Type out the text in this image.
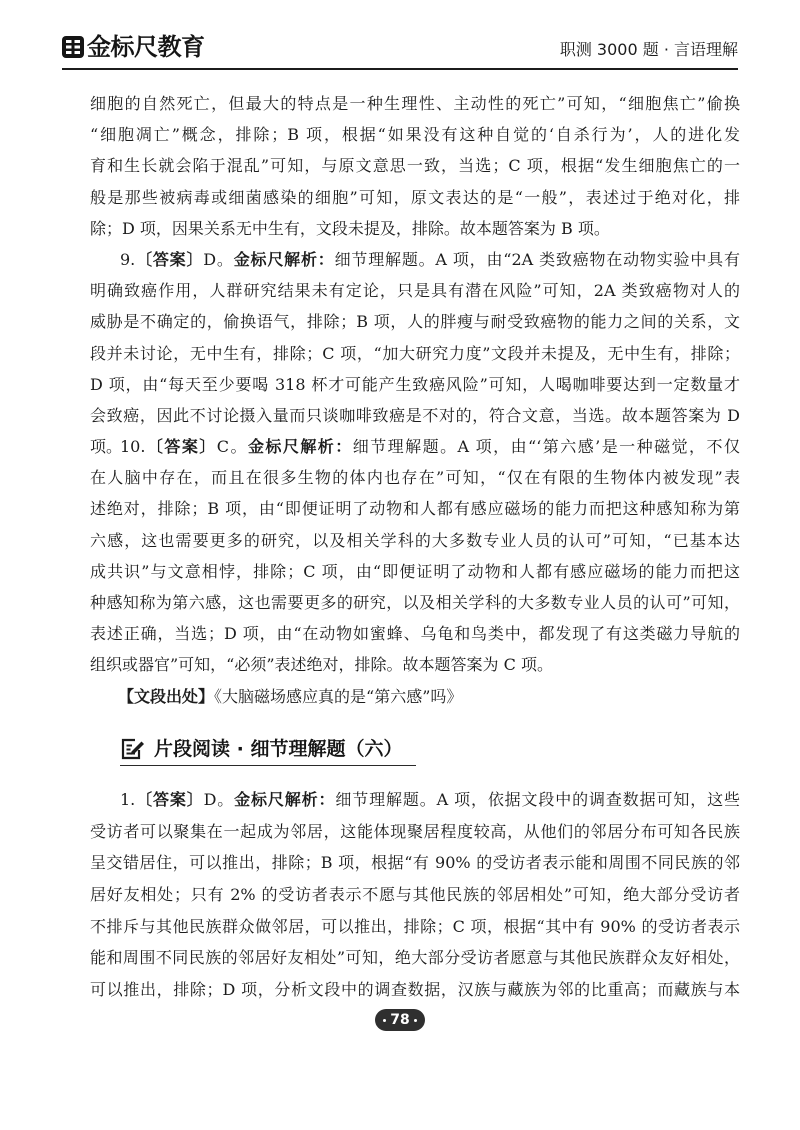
金标尺教育	职测 3000 题 · 言语理解
细胞的自然死亡，但最大的特点是一种生理性、主动性的死亡”可知，“细胞焦亡”偷换
“细胞凋亡”概念，排除；B 项，根据“如果没有这种自觉的‘自杀行为’，人的进化发
育和生长就会陷于混乱”可知，与原文意思一致，当选；C 项，根据“发生细胞焦亡的一
般是那些被病毒或细菌感染的细胞”可知，原文表达的是“一般”，表述过于绝对化，排
除；D 项，因果关系无中生有，文段未提及，排除。故本题答案为 B 项。
9.〔答案〕D。金标尺解析：细节理解题。A 项，由“2A 类致癌物在动物实验中具有
明确致癌作用，人群研究结果未有定论，只是具有潜在风险”可知，2A 类致癌物对人的
威胁是不确定的，偷换语气，排除；B 项，人的胖瘦与耐受致癌物的能力之间的关系，文
段并未讨论，无中生有，排除；C 项，“加大研究力度”文段并未提及，无中生有，排除；
D 项，由“每天至少要喝 318 杯才可能产生致癌风险”可知，人喝咖啡要达到一定数量才
会致癌，因此不讨论摄入量而只谈咖啡致癌是不对的，符合文意，当选。故本题答案为 D 项。
10.〔答案〕C。金标尺解析：细节理解题。A 项，由“‘第六感’是一种磁觉，不仅
在人脑中存在，而且在很多生物的体内也存在”可知，“仅在有限的生物体内被发现”表
述绝对，排除；B 项，由“即便证明了动物和人都有感应磁场的能力而把这种感知称为第
六感，这也需要更多的研究，以及相关学科的大多数专业人员的认可”可知，“已基本达
成共识”与文意相悖，排除；C 项，由“即便证明了动物和人都有感应磁场的能力而把这
种感知称为第六感，这也需要更多的研究，以及相关学科的大多数专业人员的认可”可知，
表述正确，当选；D 项，由“在动物如蜜蜂、乌龟和鸟类中，都发现了有这类磁力导航的
组织或器官”可知，“必须”表述绝对，排除。故本题答案为 C 项。
【文段出处】《大脑磁场感应真的是“第六感”吗》
片段阅读 · 细节理解题（六）
1.〔答案〕D。金标尺解析：细节理解题。A 项，依据文段中的调查数据可知，这些
受访者可以聚集在一起成为邻居，这能体现聚居程度较高，从他们的邻居分布可知各民族
呈交错居住，可以推出，排除；B 项，根据“有 90% 的受访者表示能和周围不同民族的邻
居好友相处；只有 2% 的受访者表示不愿与其他民族的邻居相处”可知，绝大部分受访者
不排斥与其他民族群众做邻居，可以推出，排除；C 项，根据“其中有 90% 的受访者表示
能和周围不同民族的邻居好友相处”可知，绝大部分受访者愿意与其他民族群众友好相处，
可以推出，排除；D 项，分析文段中的调查数据，汉族与藏族为邻的比重高；而藏族与本
78
